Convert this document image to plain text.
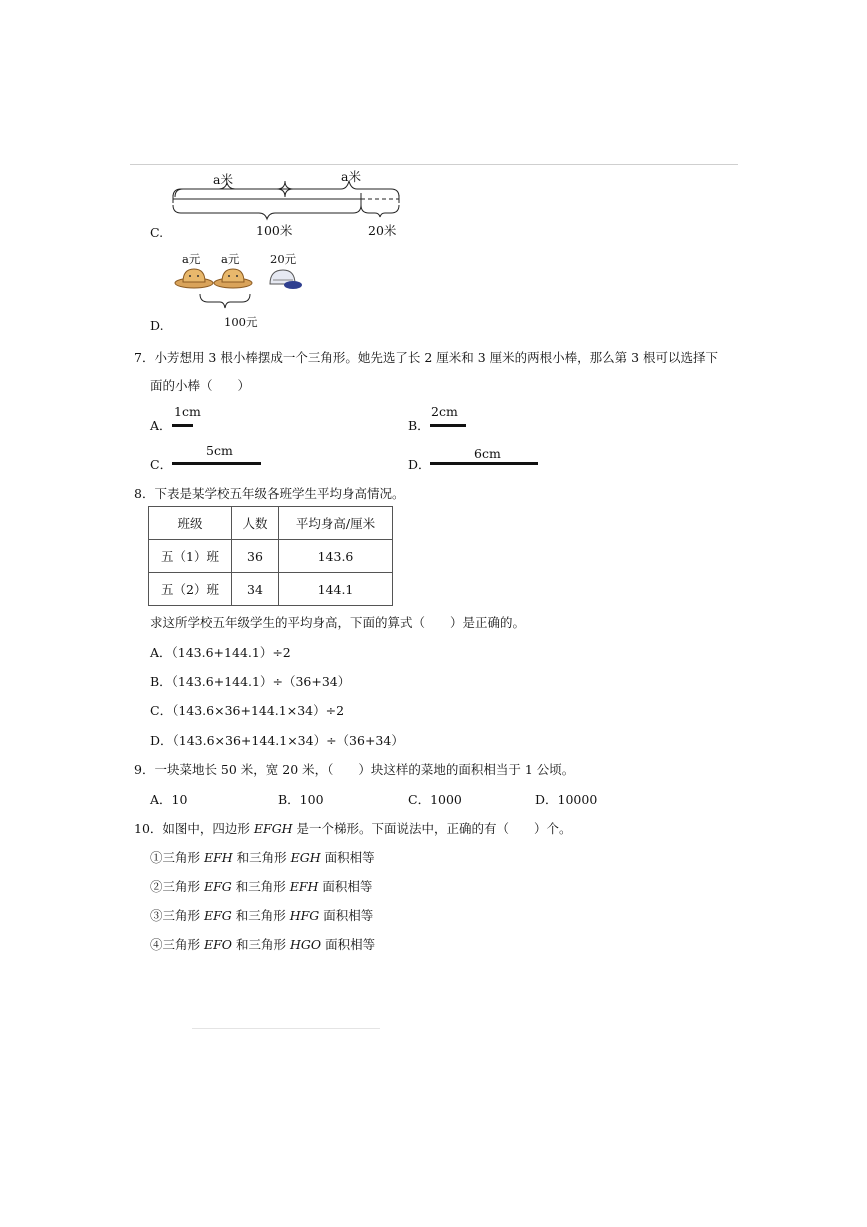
C.
a米	a米
100米	20米
D.
a元 a元	20元
100元
7．小芳想用 3 根小棒摆成一个三角形。她先选了长 2 厘米和 3 厘米的两根小棒，那么第 3 根可以选择下
面的小棒（　　）
A．
1cm
B．
2cm
C．
5cm
D．
6cm
8．下表是某学校五年级各班学生平均身高情况。
班级	人数	平均身高/厘米
五（1）班	36	143.6
五（2）班	34	144.1
求这所学校五年级学生的平均身高，下面的算式（　　）是正确的。
A．（143.6+144.1）÷2
B．（143.6+144.1）÷（36+34）
C．（143.6×36+144.1×34）÷2
D．（143.6×36+144.1×34）÷（36+34）
9．一块菜地长 50 米，宽 20 米，（　　）块这样的菜地的面积相当于 1 公顷。
A．10	B．100	C．1000	D．10000
10．如图中，四边形 EFGH 是一个梯形。下面说法中，正确的有（　　）个。
①三角形 EFH 和三角形 EGH 面积相等
②三角形 EFG 和三角形 EFH 面积相等
③三角形 EFG 和三角形 HFG 面积相等
④三角形 EFO 和三角形 HGO 面积相等
